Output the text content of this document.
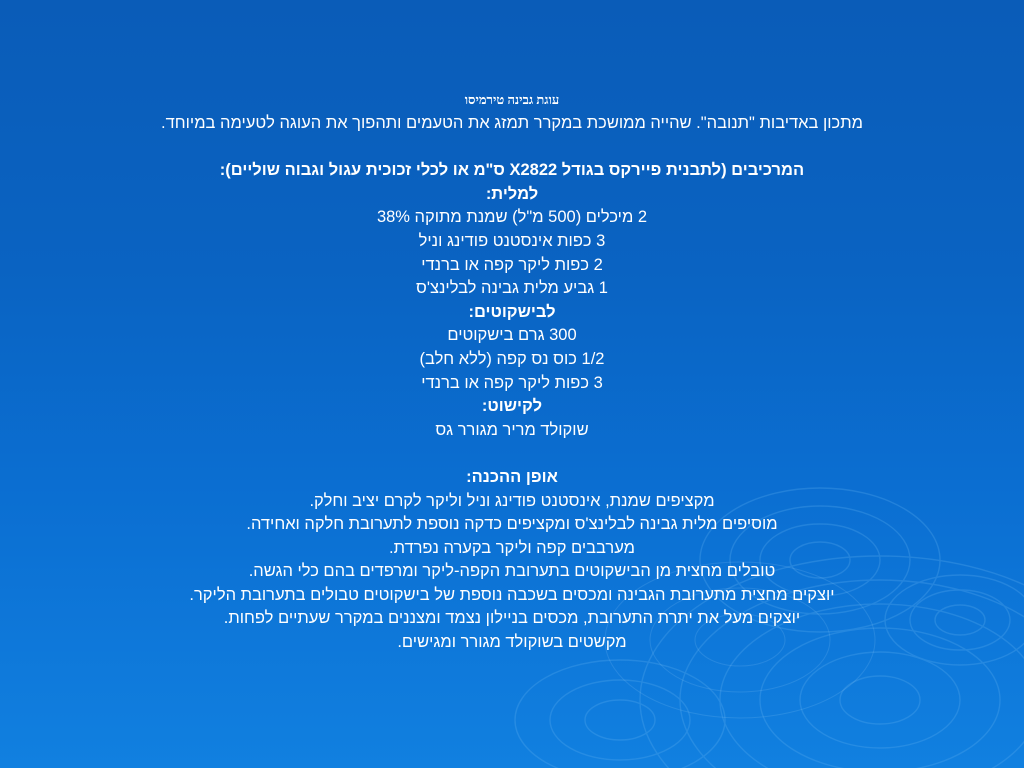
עוגת גבינה טירמיסו
מתכון באדיבות "תנובה". שהייה ממושכת במקרר תמזג את הטעמים ותהפוך את העוגה לטעימה במיוחד.
המרכיבים (לתבנית פיירקס בגודל X2822 ס"מ או לכלי זכוכית עגול וגבוה שוליים):
למלית:
2 מיכלים (500 מ"ל) שמנת מתוקה 38%
3 כפות אינסטנט פודינג וניל
2 כפות ליקר קפה או ברנדי
1 גביע מלית גבינה לבלינצ'ס
לבישקוטים:
300 גרם בישקוטים
1/2 כוס נס קפה (ללא חלב)
3 כפות ליקר קפה או ברנדי
לקישוט:
שוקולד מריר מגורר גס
אופן ההכנה:
מקציפים שמנת, אינסטנט פודינג וניל וליקר לקרם יציב וחלק.
מוסיפים מלית גבינה לבלינצ'ס ומקציפים כדקה נוספת לתערובת חלקה ואחידה.
מערבבים קפה וליקר בקערה נפרדת.
טובלים מחצית מן הבישקוטים בתערובת הקפה-ליקר ומרפדים בהם כלי הגשה.
יוצקים מחצית מתערובת הגבינה ומכסים בשכבה נוספת של בישקוטים טבולים בתערובת הליקר.
יוצקים מעל את יתרת התערובת, מכסים בניילון נצמד ומצננים במקרר שעתיים לפחות.
מקשטים בשוקולד מגורר ומגישים.
